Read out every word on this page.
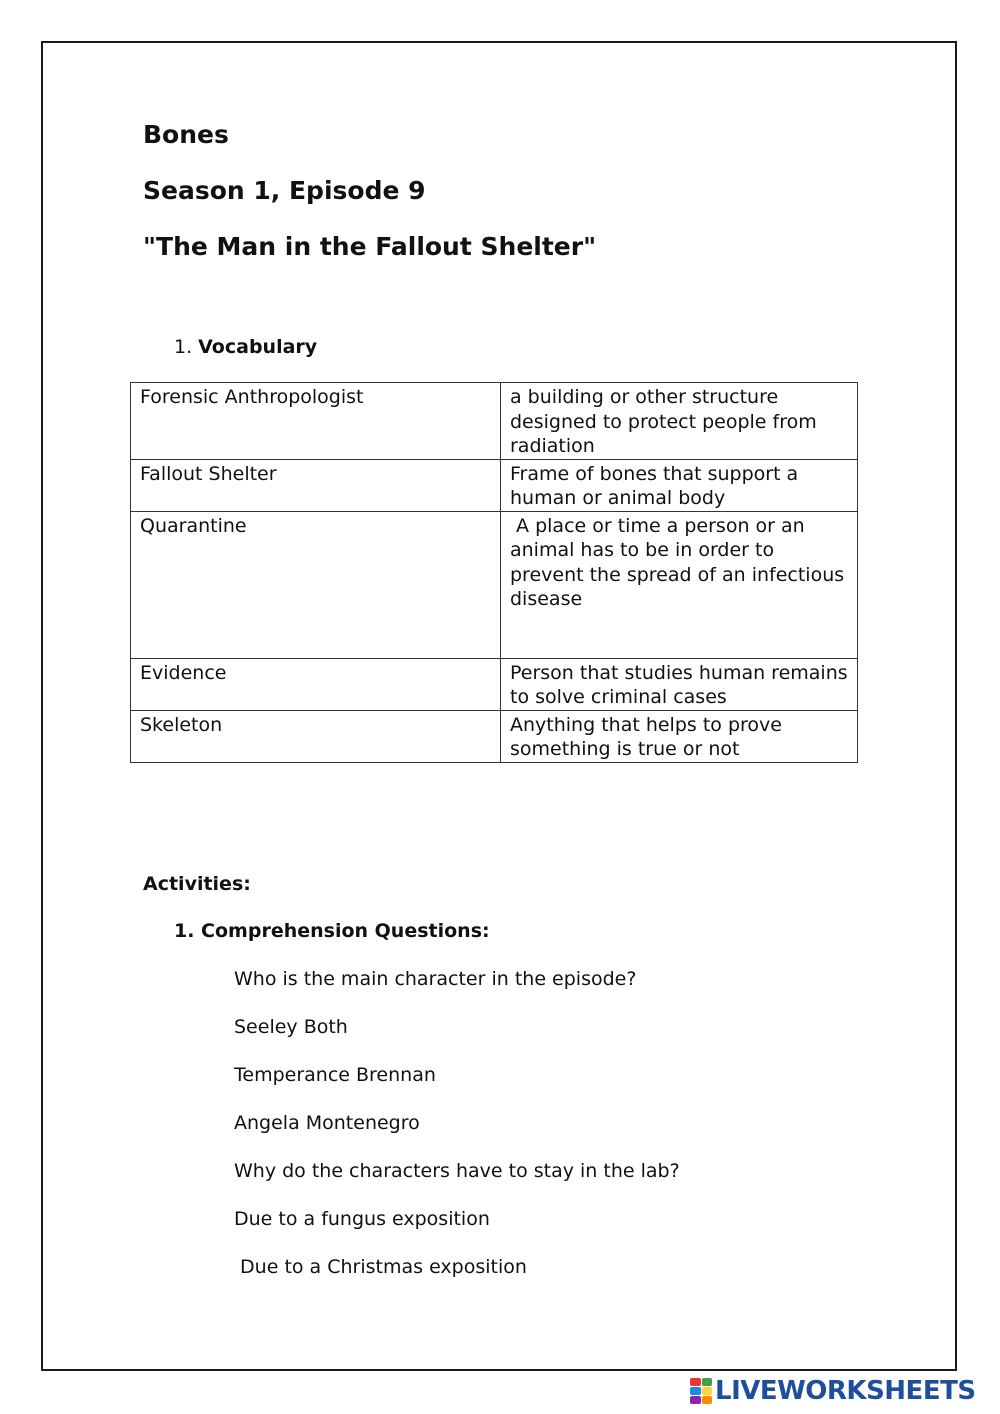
Bones
Season 1, Episode 9
"The Man in the Fallout Shelter"
1. Vocabulary
Forensic Anthropologist	a building or other structure designed to protect people from radiation
Fallout Shelter	Frame of bones that support a human or animal body
Quarantine	A place or time a person or an animal has to be in order to prevent the spread of an infectious disease
Evidence	Person that studies human remains to solve criminal cases
Skeleton	Anything that helps to prove something is true or not
Activities:
1. Comprehension Questions:
Who is the main character in the episode?
Seeley Both
Temperance Brennan
Angela Montenegro
Why do the characters have to stay in the lab?
Due to a fungus exposition
Due to a Christmas exposition
LIVEWORKSHEETS
